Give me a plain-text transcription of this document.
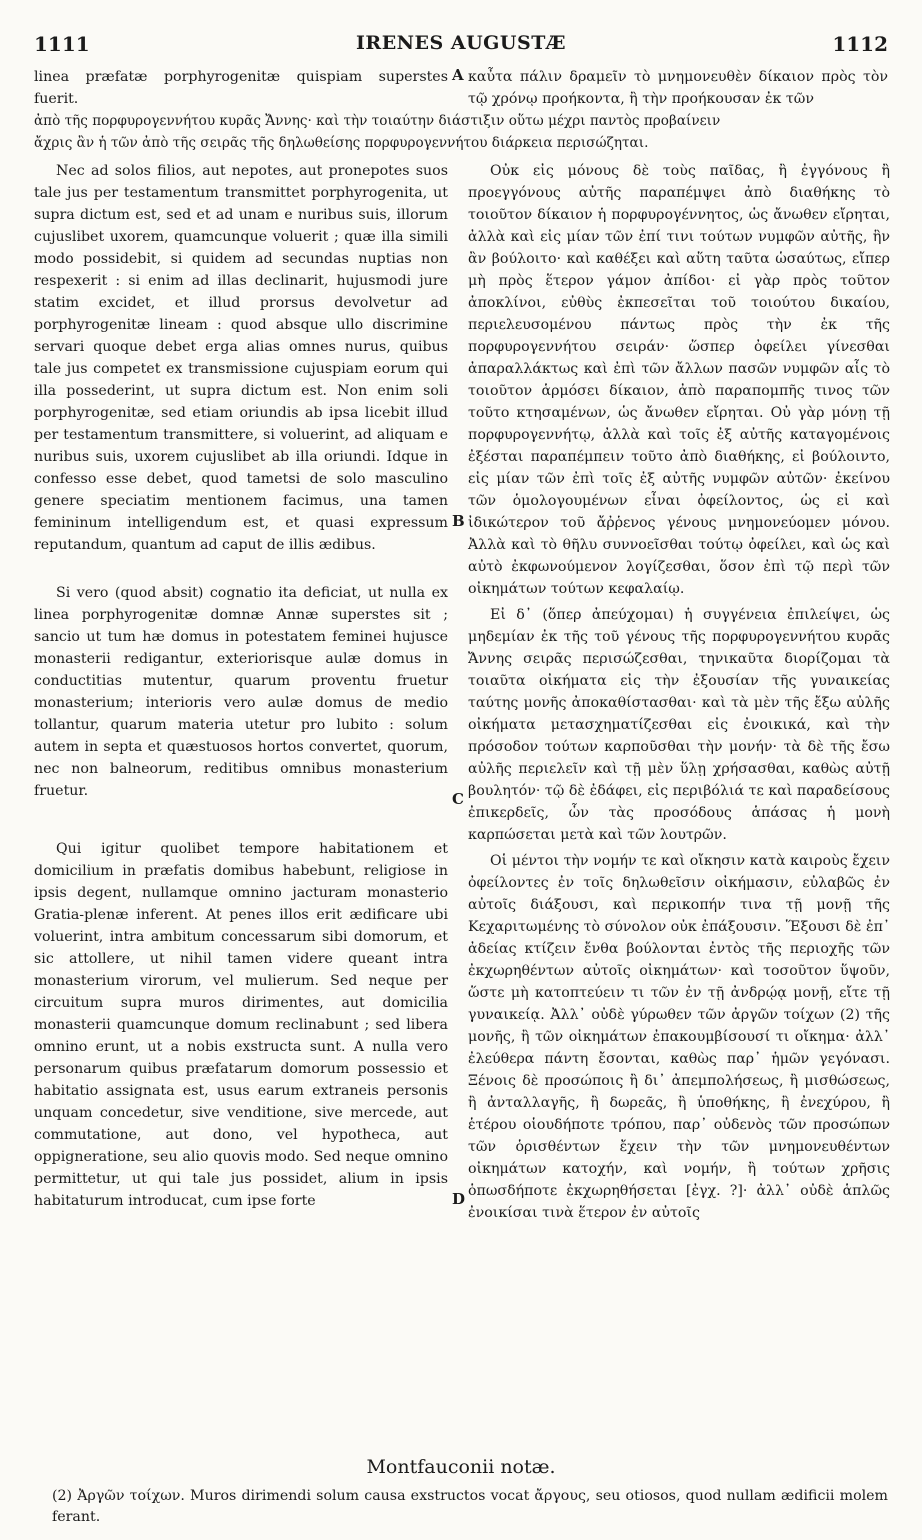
1111	IRENES AUGUSTÆ	1112
linea præfatæ porphyrogenitæ quispiam superstes fuerit.
καὖτα πάλιν δραμεῖν τὸ μνημονευθὲν δίκαιον πρὸς τὸν τῷ χρόνῳ προήκοντα, ἢ τὴν προήκουσαν ἐκ τῶν
ἀπὸ τῆς πορφυρογεννήτου κυρᾶς Ἄννης· καὶ τὴν τοιαύτην διάστιξιν οὕτω μέχρι παντὸς προβαίνειν
ἄχρις ἂν ἡ τῶν ἀπὸ τῆς σειρᾶς τῆς δηλωθείσης πορφυρογεννήτου διάρκεια περισώζηται.

Nec ad solos filios, aut nepotes, aut pronepotes suos tale jus per testamentum transmittet porphyrogenita, ut supra dictum est, sed et ad unam e nuribus suis, illorum cujuslibet uxorem, quamcunque voluerit ; quæ illa simili modo possidebit, si quidem ad secundas nuptias non respexerit : si enim ad illas declinarit, hujusmodi jure statim excidet, et illud prorsus devolvetur ad porphyrogenitæ lineam : quod absque ullo discrimine servari quoque debet erga alias omnes nurus, quibus tale jus competet ex transmissione cujuspiam eorum qui illa possederint, ut supra dictum est. Non enim soli porphyrogenitæ, sed etiam oriundis ab ipsa licebit illud per testamentum transmittere, si voluerint, ad aliquam e nuribus suis, uxorem cujuslibet ab illa oriundi. Idque in confesso esse debet, quod tametsi de solo masculino genere speciatim mentionem facimus, una tamen femininum intelligendum est, et quasi expressum reputandum, quantum ad caput de illis ædibus.

Si vero (quod absit) cognatio ita deficiat, ut nulla ex linea porphyrogenitæ domnæ Annæ superstes sit ; sancio ut tum hæ domus in potestatem feminei hujusce monasterii redigantur, exteriorisque aulæ domus in conductitias mutentur, quarum proventu fruetur monasterium; interioris vero aulæ domus de medio tollantur, quarum materia utetur pro lubito : solum autem in septa et quæstuosos hortos convertet, quorum, nec non balneorum, reditibus omnibus monasterium fruetur.

Qui igitur quolibet tempore habitationem et domicilium in præfatis domibus habebunt, religiose in ipsis degent, nullamque omnino jacturam monasterio Gratia-plenæ inferent. At penes illos erit ædificare ubi voluerint, intra ambitum concessarum sibi domorum, et sic attollere, ut nihil tamen videre queant intra monasterium virorum, vel mulierum. Sed neque per circuitum supra muros dirimentes, aut domicilia monasterii quamcunque domum reclinabunt ; sed libera omnino erunt, ut a nobis exstructa sunt. A nulla vero personarum quibus præfatarum domorum possessio et habitatio assignata est, usus earum extraneis personis unquam concedetur, sive venditione, sive mercede, aut commutatione, aut dono, vel hypotheca, aut oppigneratione, seu alio quovis modo. Sed neque omnino permittetur, ut qui tale jus possidet, alium in ipsis habitaturum introducat, cum ipse forte

Οὐκ εἰς μόνους δὲ τοὺς παῖδας, ἢ ἐγγόνους ἢ προεγγόνους αὐτῆς παραπέμψει ἀπὸ διαθήκης τὸ τοιοῦτον δίκαιον ἡ πορφυρογέννητος, ὡς ἄνωθεν εἴρηται, ἀλλὰ καὶ εἰς μίαν τῶν ἐπί τινι τούτων νυμφῶν αὐτῆς, ἣν ἂν βούλοιτο· καὶ καθέξει καὶ αὕτη ταῦτα ὡσαύτως, εἴπερ μὴ πρὸς ἕτερον γάμον ἀπίδοι· εἰ γὰρ πρὸς τοῦτον ἀποκλίνοι, εὐθὺς ἐκπεσεῖται τοῦ τοιούτου δικαίου, περιελευσομένου πάντως πρὸς τὴν ἐκ τῆς πορφυρογεννήτου σειράν· ὥσπερ ὀφείλει γίνεσθαι ἀπαραλλάκτως καὶ ἐπὶ τῶν ἄλλων πασῶν νυμφῶν αἷς τὸ τοιοῦτον ἁρμόσει δίκαιον, ἀπὸ παραπομπῆς τινος τῶν τοῦτο κτησαμένων, ὡς ἄνωθεν εἴρηται. Οὐ γὰρ μόνῃ τῇ πορφυρογεννήτῳ, ἀλλὰ καὶ τοῖς ἐξ αὐτῆς καταγομένοις ἐξέσται παραπέμπειν τοῦτο ἀπὸ διαθήκης, εἰ βούλοιντο, εἰς μίαν τῶν ἐπὶ τοῖς ἐξ αὐτῆς νυμφῶν αὐτῶν· ἐκείνου τῶν ὁμολογουμένων εἶναι ὀφείλοντος, ὡς εἰ καὶ ἰδικώτερον τοῦ ἄῤῥενος γένους μνημονεύομεν μόνου. Ἀλλὰ καὶ τὸ θῆλυ συννοεῖσθαι τούτῳ ὀφείλει, καὶ ὡς καὶ αὐτὸ ἐκφωνούμενον λογίζεσθαι, ὅσον ἐπὶ τῷ περὶ τῶν οἰκημάτων τούτων κεφαλαίῳ.

Εἰ δ᾽ (ὅπερ ἀπεύχομαι) ἡ συγγένεια ἐπιλείψει, ὡς μηδεμίαν ἐκ τῆς τοῦ γένους τῆς πορφυρογεννήτου κυρᾶς Ἄννης σειρᾶς περισώζεσθαι, τηνικαῦτα διορίζομαι τὰ τοιαῦτα οἰκήματα εἰς τὴν ἐξουσίαν τῆς γυναικείας ταύτης μονῆς ἀποκαθίστασθαι· καὶ τὰ μὲν τῆς ἔξω αὐλῆς οἰκήματα μετασχηματίζεσθαι εἰς ἐνοικικά, καὶ τὴν πρόσοδον τούτων καρποῦσθαι τὴν μονήν· τὰ δὲ τῆς ἔσω αὐλῆς περιελεῖν καὶ τῇ μὲν ὕλῃ χρήσασθαι, καθὼς αὐτῇ βουλητόν· τῷ δὲ ἐδάφει, εἰς περιβόλιά τε καὶ παραδείσους ἐπικερδεῖς, ὧν τὰς προσόδους ἁπάσας ἡ μονὴ καρπώσεται μετὰ καὶ τῶν λουτρῶν.

Οἱ μέντοι τὴν νομήν τε καὶ οἴκησιν κατὰ καιροὺς ἔχειν ὀφείλοντες ἐν τοῖς δηλωθεῖσιν οἰκήμασιν, εὐλαβῶς ἐν αὐτοῖς διάξουσι, καὶ περικοπήν τινα τῇ μονῇ τῆς Κεχαριτωμένης τὸ σύνολον οὐκ ἐπάξουσιν. Ἕξουσι δὲ ἐπ᾽ ἀδείας κτίζειν ἔνθα βούλονται ἐντὸς τῆς περιοχῆς τῶν ἐκχωρηθέντων αὐτοῖς οἰκημάτων· καὶ τοσοῦτον ὕψοῦν, ὥστε μὴ κατοπτεύειν τι τῶν ἐν τῇ ἀνδρῴᾳ μονῇ, εἴτε τῇ γυναικείᾳ. Ἀλλ᾽ οὐδὲ γύρωθεν τῶν ἀργῶν τοίχων (2) τῆς μονῆς, ἢ τῶν οἰκημάτων ἐπακουμβίσουσί τι οἴκημα· ἀλλ᾽ ἐλεύθερα πάντη ἔσονται, καθὼς παρ᾽ ἡμῶν γεγόνασι. Ξένοις δὲ προσώποις ἢ δι᾽ ἀπεμπολήσεως, ἢ μισθώσεως, ἢ ἀνταλλαγῆς, ἢ δωρεᾶς, ἢ ὑποθήκης, ἢ ἐνεχύρου, ἢ ἑτέρου οἱουδήποτε τρόπου, παρ᾽ οὐδενὸς τῶν προσώπων τῶν ὁρισθέντων ἔχειν τὴν τῶν μνημονευθέντων οἰκημάτων κατοχήν, καὶ νομήν, ἢ τούτων χρῆσις ὁπωσδήποτε ἐκχωρηθήσεται [ἐγχ. ?]· ἀλλ᾽ οὐδὲ ἁπλῶς ἐνοικίσαι τινὰ ἕτερον ἐν αὐτοῖς

A
B
C
D
Montfauconii notæ.
(2) Ἀργῶν τοίχων. Muros dirimendi solum causa exstructos vocat ἄργους, seu otiosos, quod nullam ædificii molem ferant.
